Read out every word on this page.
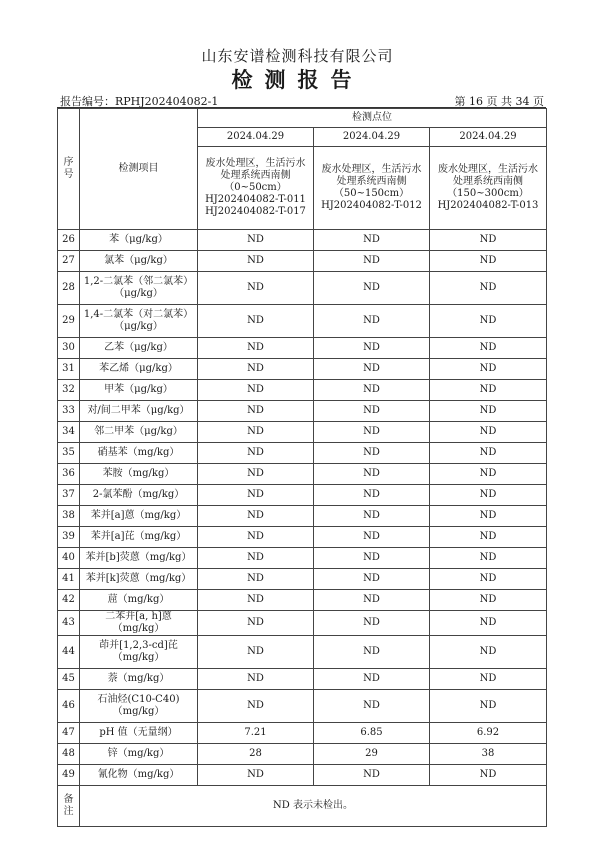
山东安谱检测科技有限公司
检测报告
报告编号：RPHJ202404082-1	第 16 页 共 34 页
序号	检测项目	检测点位		
		2024.04.29	2024.04.29	2024.04.29

		废水处理区，生活污水
处理系统西南侧
（0~50cm）
HJ202404082-T-011
HJ202404082-T-017	废水处理区，生活污水
处理系统西南侧
（50~150cm）
HJ202404082-T-012	废水处理区，生活污水
处理系统西南侧
（150~300cm）
HJ202404082-T-013

26	苯（μg/kg）	ND	ND	ND
27	氯苯（μg/kg）	ND	ND	ND
28	1,2-二氯苯（邻二氯苯）（μg/kg）	ND	ND	ND
29	1,4-二氯苯（对二氯苯）（μg/kg）	ND	ND	ND
30	乙苯（μg/kg）	ND	ND	ND
31	苯乙烯（μg/kg）	ND	ND	ND
32	甲苯（μg/kg）	ND	ND	ND
33	对/间二甲苯（μg/kg）	ND	ND	ND
34	邻二甲苯（μg/kg）	ND	ND	ND
35	硝基苯（mg/kg）	ND	ND	ND
36	苯胺（mg/kg）	ND	ND	ND
37	2-氯苯酚（mg/kg）	ND	ND	ND
38	苯并[a]蒽（mg/kg）	ND	ND	ND
39	苯并[a]芘（mg/kg）	ND	ND	ND
40	苯并[b]荧蒽（mg/kg）	ND	ND	ND
41	苯并[k]荧蒽（mg/kg）	ND	ND	ND
42	䓛（mg/kg）	ND	ND	ND
43	二苯并[a, h]蒽（mg/kg）	ND	ND	ND
44	茚并[1,2,3-cd]芘（mg/kg）	ND	ND	ND
45	萘（mg/kg）	ND	ND	ND
46	石油烃(C10-C40)（mg/kg）	ND	ND	ND
47	pH 值（无量纲）	7.21	6.85	6.92
48	锌（mg/kg）	28	29	38
49	氰化物（mg/kg）	ND	ND	ND
备注	ND 表示未检出。			
